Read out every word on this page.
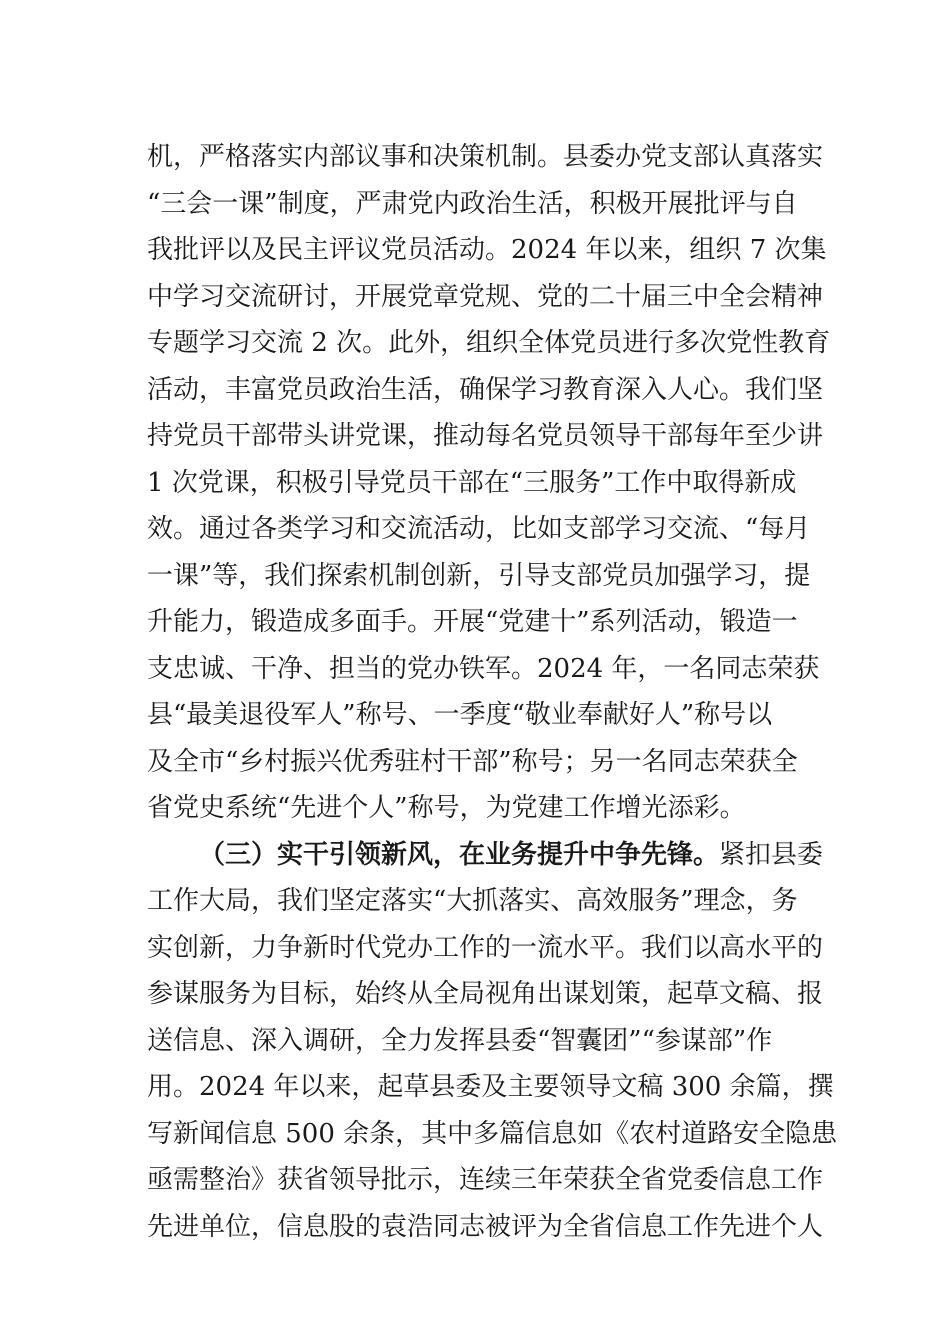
机，严格落实内部议事和决策机制。县委办党支部认真落实
“三会一课”制度，严肃党内政治生活，积极开展批评与自
我批评以及民主评议党员活动。2024 年以来，组织 7 次集
中学习交流研讨，开展党章党规、党的二十届三中全会精神
专题学习交流 2 次。此外，组织全体党员进行多次党性教育
活动，丰富党员政治生活，确保学习教育深入人心。我们坚
持党员干部带头讲党课，推动每名党员领导干部每年至少讲
1 次党课，积极引导党员干部在“三服务”工作中取得新成
效。通过各类学习和交流活动，比如支部学习交流、“每月
一课”等，我们探索机制创新，引导支部党员加强学习，提
升能力，锻造成多面手。开展“党建十”系列活动，锻造一
支忠诚、干净、担当的党办铁军。2024 年，一名同志荣获
县“最美退役军人”称号、一季度“敬业奉献好人”称号以
及全市“乡村振兴优秀驻村干部”称号；另一名同志荣获全
省党史系统“先进个人”称号，为党建工作增光添彩。
（三）实干引领新风，在业务提升中争先锋。紧扣县委
工作大局，我们坚定落实“大抓落实、高效服务”理念，务
实创新，力争新时代党办工作的一流水平。我们以高水平的
参谋服务为目标，始终从全局视角出谋划策，起草文稿、报
送信息、深入调研，全力发挥县委“智囊团”“参谋部”作
用。2024 年以来，起草县委及主要领导文稿 300 余篇，撰
写新闻信息 500 余条，其中多篇信息如《农村道路安全隐患
亟需整治》获省领导批示，连续三年荣获全省党委信息工作
先进单位，信息股的袁浩同志被评为全省信息工作先进个人
